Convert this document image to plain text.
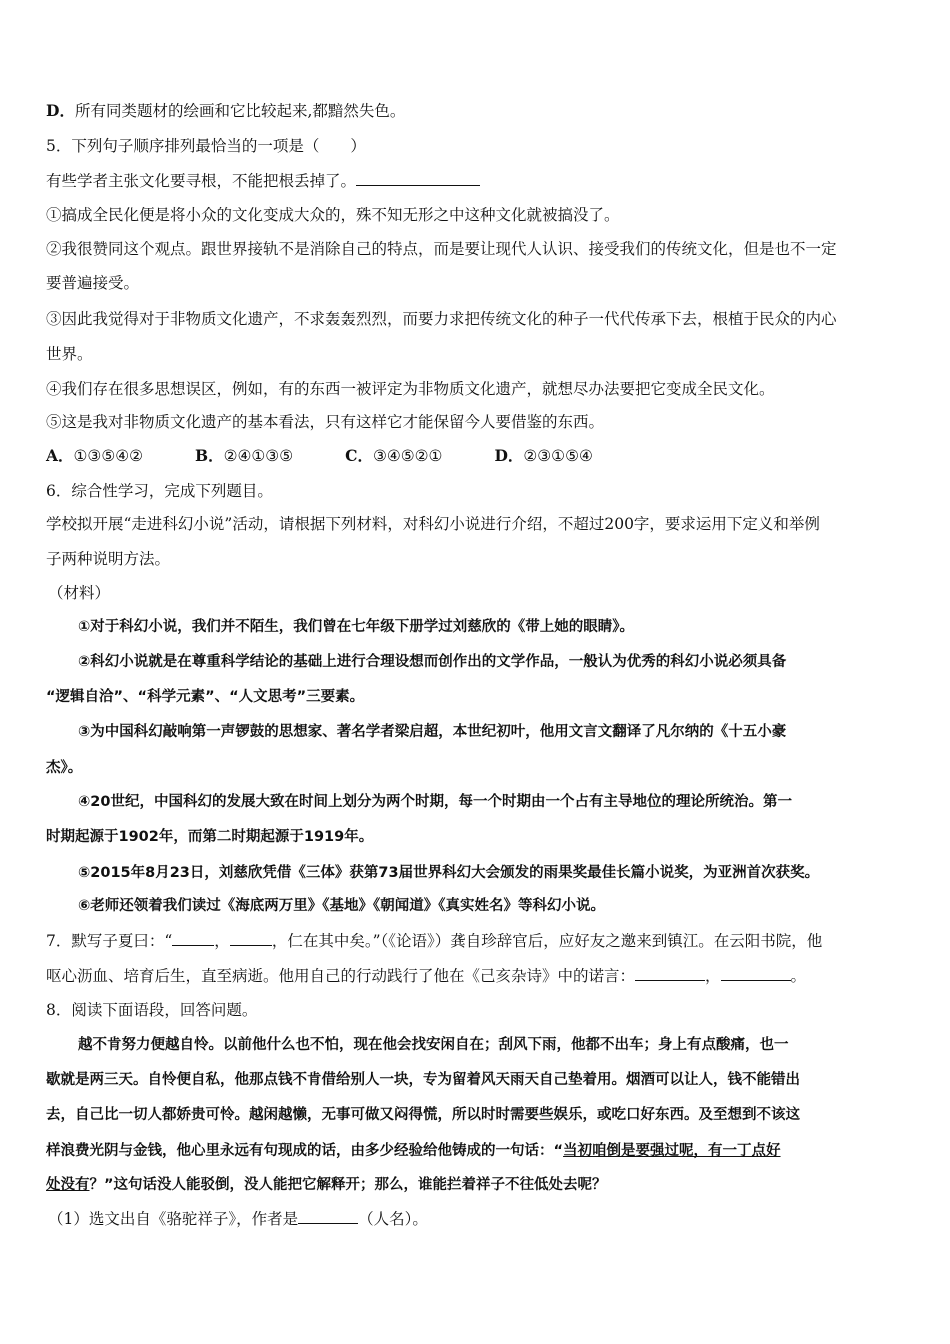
D．所有同类题材的绘画和它比较起来,都黯然失色。
5．下列句子顺序排列最恰当的一项是（　　）
有些学者主张文化要寻根，不能把根丢掉了。
①搞成全民化便是将小众的文化变成大众的，殊不知无形之中这种文化就被搞没了。
②我很赞同这个观点。跟世界接轨不是消除自己的特点，而是要让现代人认识、接受我们的传统文化，但是也不一定
要普遍接受。
③因此我觉得对于非物质文化遗产，不求轰轰烈烈，而要力求把传统文化的种子一代代传承下去，根植于民众的内心
世界。
④我们存在很多思想误区，例如，有的东西一被评定为非物质文化遗产，就想尽办法要把它变成全民文化。
⑤这是我对非物质文化遗产的基本看法，只有这样它才能保留今人要借鉴的东西。
A．①③⑤④②	B．②④①③⑤	C．③④⑤②①	D．②③①⑤④
6．综合性学习，完成下列题目。
学校拟开展“走进科幻小说”活动，请根据下列材料，对科幻小说进行介绍，不超过200字，要求运用下定义和举例
子两种说明方法。
（材料）
①对于科幻小说，我们并不陌生，我们曾在七年级下册学过刘慈欣的《带上她的眼睛》。
②科幻小说就是在尊重科学结论的基础上进行合理设想而创作出的文学作品，一般认为优秀的科幻小说必须具备
“逻辑自洽”、“科学元素”、“人文思考”三要素。
③为中国科幻敲响第一声锣鼓的思想家、著名学者梁启超，本世纪初叶，他用文言文翻译了凡尔纳的《十五小豪
杰》。
④20世纪，中国科幻的发展大致在时间上划分为两个时期，每一个时期由一个占有主导地位的理论所统治。第一
时期起源于1902年，而第二时期起源于1919年。
⑤2015年8月23日，刘慈欣凭借《三体》获第73届世界科幻大会颁发的雨果奖最佳长篇小说奖，为亚洲首次获奖。
⑥老师还领着我们读过《海底两万里》《基地》《朝闻道》《真实姓名》等科幻小说。
7．默写子夏曰：“	，	，仁在其中矣。”（《论语》）龚自珍辞官后，应好友之邀来到镇江。在云阳书院，他
呕心沥血、培育后生，直至病逝。他用自己的行动践行了他在《己亥杂诗》中的诺言：	，	。
8．阅读下面语段，回答问题。
越不肯努力便越自怜。以前他什么也不怕，现在他会找安闲自在；刮风下雨，他都不出车；身上有点酸痛，也一
歇就是两三天。自怜便自私，他那点钱不肯借给别人一块，专为留着风天雨天自己垫着用。烟酒可以让人，钱不能错出
去，自己比一切人都娇贵可怜。越闲越懒，无事可做又闷得慌，所以时时需要些娱乐，或吃口好东西。及至想到不该这
样浪费光阴与金钱，他心里永远有句现成的话，由多少经验给他铸成的一句话：“当初咱倒是要强过呢，有一丁点好
处没有？”这句话没人能驳倒，没人能把它解释开；那么，谁能拦着祥子不往低处去呢？
（1）选文出自《骆驼祥子》，作者是	（人名）。
